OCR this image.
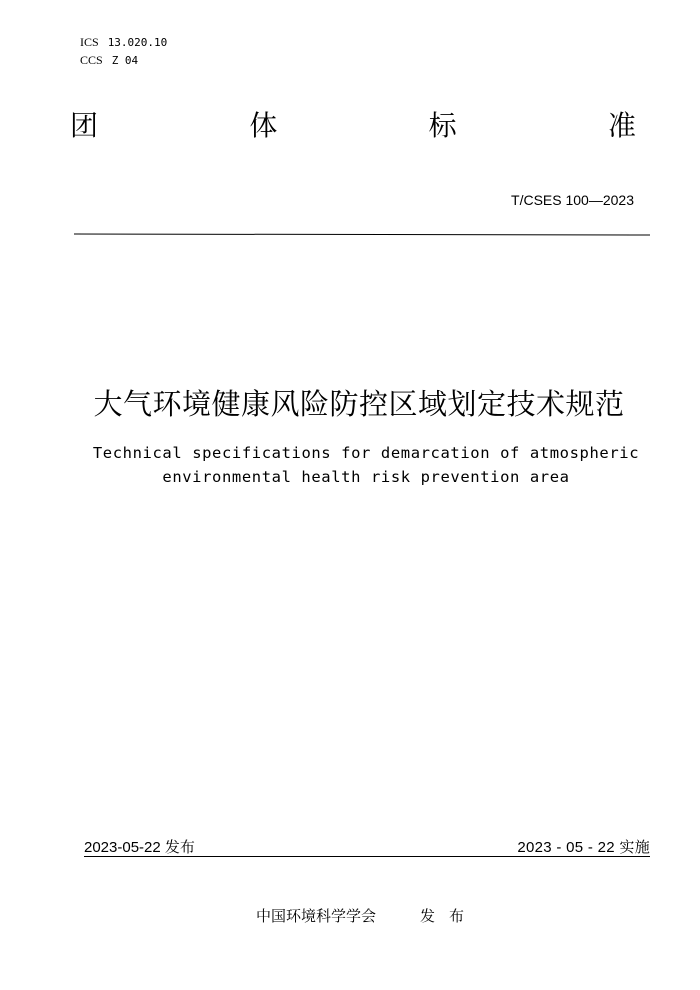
ICS 13.020.10
CCS Z 04
团	体	标	准
T/CSES 100—2023
大气环境健康风险防控区域划定技术规范
Technical specifications for demarcation of atmospheric
environmental health risk prevention area
2023-05-22 发布	2023 - 05 - 22 实施
中国环境科学学会	发布
